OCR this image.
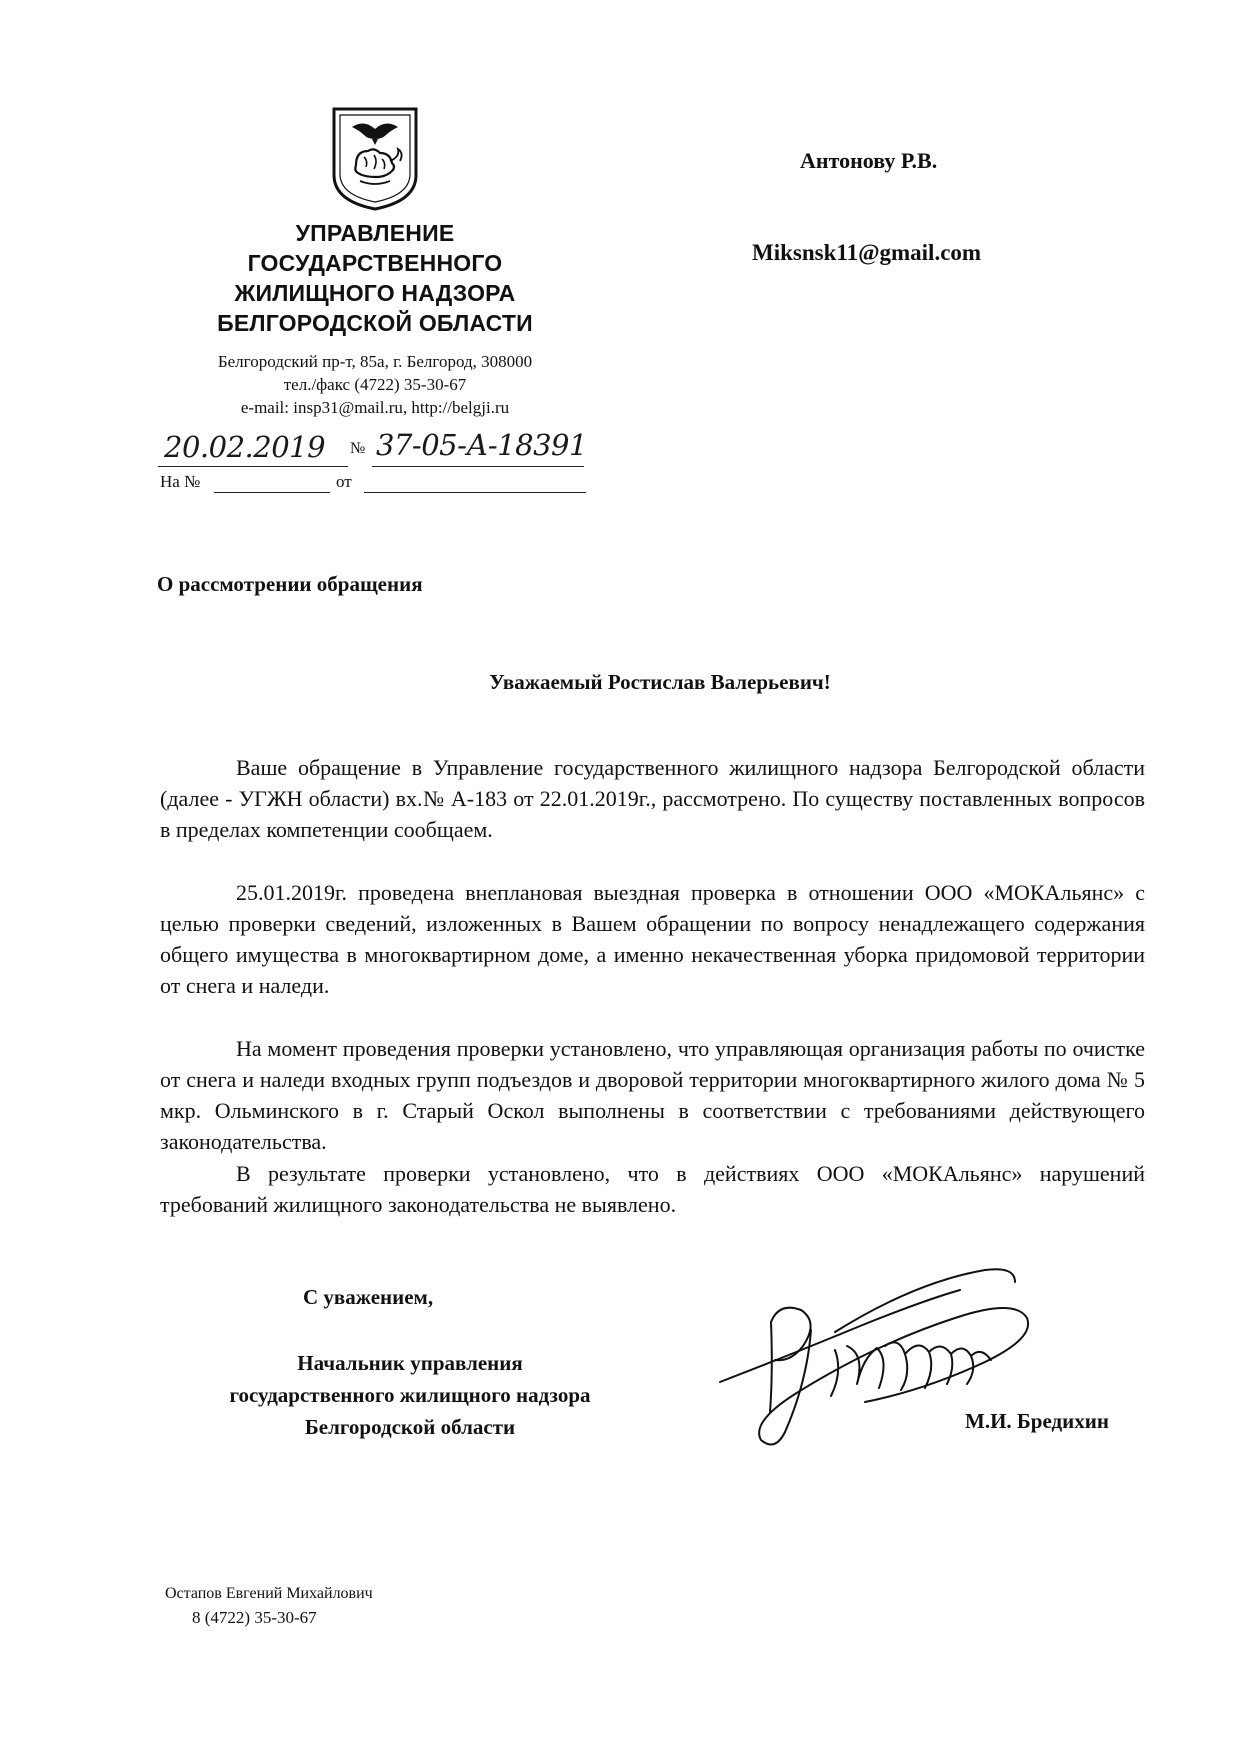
УПРАВЛЕНИЕ
ГОСУДАРСТВЕННОГО
ЖИЛИЩНОГО НАДЗОРА
БЕЛГОРОДСКОЙ ОБЛАСТИ
Белгородский пр-т, 85а, г. Белгород, 308000
тел./факс (4722) 35-30-67
e-mail: insp31@mail.ru, http://belgji.ru
20.02.2019	№ 37-05-А-18391
На №	от
Антонову Р.В.
Miksnsk11@gmail.com
О рассмотрении обращения
Уважаемый Ростислав Валерьевич!
Ваше обращение в Управление государственного жилищного надзора Белгородской области (далее - УГЖН области) вх.№ А-183 от 22.01.2019г., рассмотрено. По существу поставленных вопросов в пределах компетенции сообщаем.
25.01.2019г. проведена внеплановая выездная проверка в отношении ООО «МОКАльянс» с целью проверки сведений, изложенных в Вашем обращении по вопросу ненадлежащего содержания общего имущества в многоквартирном доме, а именно некачественная уборка придомовой территории от снега и наледи.
На момент проведения проверки установлено, что управляющая организация работы по очистке от снега и наледи входных групп подъездов и дворовой территории многоквартирного жилого дома № 5 мкр. Ольминского в г. Старый Оскол выполнены в соответствии с требованиями действующего законодательства.
В результате проверки установлено, что в действиях ООО «МОКАльянс» нарушений требований жилищного законодательства не выявлено.
С уважением,
Начальник управления
государственного жилищного надзора
Белгородской области	М.И. Бредихин
Остапов Евгений Михайлович
8 (4722) 35-30-67
